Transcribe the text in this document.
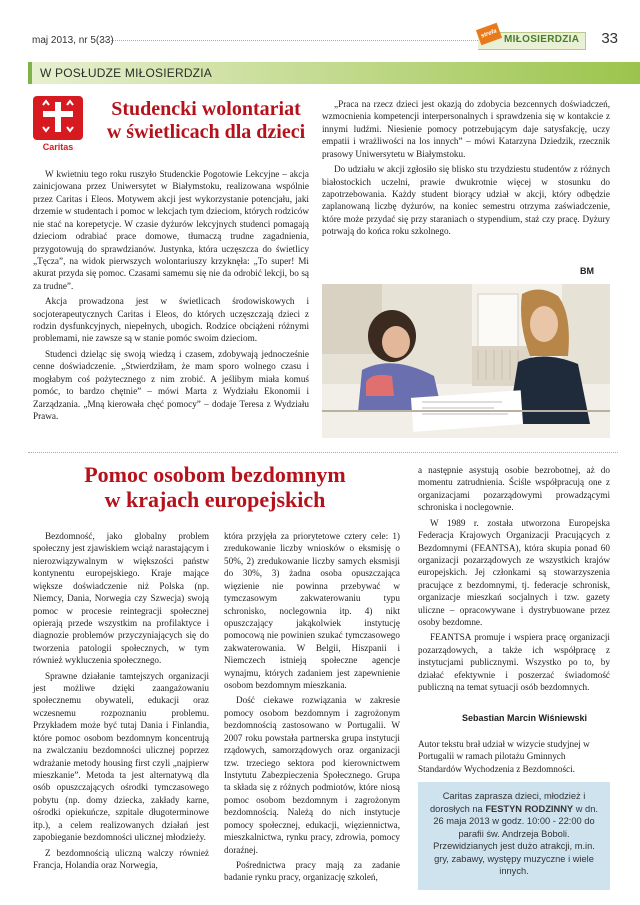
maj 2013, nr 5(33)
strefa MIŁOSIERDZIA 33
W POSŁUDZE MIŁOSIERDZIA
Caritas
Studencki wolontariat
w świetlicach dla dzieci

W kwietniu tego roku ruszyło Studenckie Pogotowie Lekcyjne – akcja zainicjowana przez Uniwersytet w Białymstoku, realizowana wspólnie przez Caritas i Eleos. Motywem akcji jest wykorzystanie potencjału, jaki drzemie w studentach i pomoc w lekcjach tym dzieciom, których rodziców nie stać na korepetycje. W czasie dyżurów lekcyjnych studenci pomagają dzieciom odrabiać prace domowe, tłumaczą trudne zagadnienia, przygotowują do sprawdzianów. Justynka, która uczęszcza do świetlicy „Tęcza”, na widok pierwszych wolontariuszy krzyknęła: „To super! Mi akurat przyda się pomoc. Czasami samemu się nie da odrobić lekcji, bo są za trudne”.

Akcja prowadzona jest w świetlicach środowiskowych i socjoterapeutycznych Caritas i Eleos, do których uczęszczają dzieci z rodzin dysfunkcyjnych, niepełnych, ubogich. Rodzice obciążeni różnymi problemami, nie zawsze są w stanie pomóc swoim dzieciom.

Studenci dzieląc się swoją wiedzą i czasem, zdobywają jednocześnie cenne doświadczenie. „Stwierdziłam, że mam sporo wolnego czasu i mogłabym coś pożytecznego z nim zrobić. A jeślibym miała komuś pomóc, to bardzo chętnie” – mówi Marta z Wydziału Ekonomii i Zarządzania. „Mną kierowała chęć pomocy” – dodaje Teresa z Wydziału Prawa.

„Praca na rzecz dzieci jest okazją do zdobycia bezcennych doświadczeń, wzmocnienia kompetencji interpersonalnych i sprawdzenia się w kontakcie z innymi ludźmi. Niesienie pomocy potrzebującym daje satysfakcję, uczy empatii i wrażliwości na los innych” – mówi Katarzyna Dziedzik, rzecznik prasowy Uniwersytetu w Białymstoku.

Do udziału w akcji zgłosiło się blisko stu trzydziestu studentów z różnych białostockich uczelni, prawie dwukrotnie więcej w stosunku do zapotrzebowania. Każdy student biorący udział w akcji, który odbędzie zaplanowaną liczbę dyżurów, na koniec semestru otrzyma zaświadczenie, które może przydać się przy staraniach o stypendium, staż czy pracę. Dyżury potrwają do końca roku szkolnego.

BM
Pomoc osobom bezdomnym
w krajach europejskich

Bezdomność, jako globalny problem społeczny jest zjawiskiem wciąż narastającym i nierozwiązywalnym w większości państw kontynentu europejskiego. Kraje mające większe doświadczenie niż Polska (np. Niemcy, Dania, Norwegia czy Szwecja) swoją pomoc w procesie reintegracji społecznej opierają przede wszystkim na profilaktyce i diagnozie problemów przyczyniających się do tworzenia patologii społecznych, w tym również wykluczenia społecznego.

Sprawne działanie tamtejszych organizacji jest możliwe dzięki zaangażowaniu społecznemu obywateli, edukacji oraz wczesnemu rozpoznaniu problemu. Przykładem może być tutaj Dania i Finlandia, które pomoc osobom bezdomnym koncentrują na zwalczaniu bezdomności ulicznej poprzez wdrażanie metody housing first czyli „najpierw mieszkanie”. Metoda ta jest alternatywą dla osób opuszczających ośrodki tymczasowego pobytu (np. domy dziecka, zakłady karne, ośrodki opiekuńcze, szpitale długoterminowe itp.), a celem realizowanych działań jest zapobieganie bezdomności ulicznej młodzieży.

Z bezdomnością uliczną walczy również Francja, Holandia oraz Norwegia,

która przyjęła za priorytetowe cztery cele: 1) zredukowanie liczby wniosków o eksmisję o 50%, 2) zredukowanie liczby samych eksmisji do 30%, 3) żadna osoba opuszczająca więzienie nie powinna przebywać w tymczasowym zakwaterowaniu typu schronisko, noclegownia itp. 4) nikt opuszczający jakąkolwiek instytucję pomocową nie powinien szukać tymczasowego zakwaterowania. W Belgii, Hiszpanii i Niemczech istnieją społeczne agencje wynajmu, których zadaniem jest zapewnienie osobom bezdomnym mieszkania.

Dość ciekawe rozwiązania w zakresie pomocy osobom bezdomnym i zagrożonym bezdomnością zastosowano w Portugalii. W 2007 roku powstała partnerska grupa instytucji rządowych, samorządowych oraz organizacji tzw. trzeciego sektora pod kierownictwem Instytutu Zabezpieczenia Społecznego. Grupa ta składa się z różnych podmiotów, które niosą pomoc osobom bezdomnym i zagrożonym bezdomnością. Należą do nich instytucje pomocy społecznej, edukacji, więziennictwa, mieszkalnictwa, rynku pracy, zdrowia, pomocy doraźnej.

Pośrednictwa pracy mają za zadanie badanie rynku pracy, organizację szkoleń,

a następnie asystują osobie bezrobotnej, aż do momentu zatrudnienia. Ściśle współpracują one z organizacjami pozarządowymi prowadzącymi schroniska i noclegownie.

W 1989 r. została utworzona Europejska Federacja Krajowych Organizacji Pracujących z Bezdomnymi (FEANTSA), która skupia ponad 60 organizacji pozarządowych ze wszystkich krajów europejskich. Jej członkami są stowarzyszenia pracujące z bezdomnymi, tj. federacje schronisk, organizacje mieszkań socjalnych i tzw. gazety uliczne – opracowywane i dystrybuowane przez osoby bezdomne.

FEANTSA promuje i wspiera pracę organizacji pozarządowych, a także ich współpracę z instytucjami publicznymi. Wszystko po to, by działać efektywnie i poszerzać świadomość publiczną na temat sytuacji osób bezdomnych.

Sebastian Marcin Wiśniewski

Autor tekstu brał udział w wizycie studyjnej w Portugalii w ramach pilotażu Gminnych Standardów Wychodzenia z Bezdomności.

Caritas zaprasza dzieci, młodzież i dorosłych na FESTYN RODZINNY w dn. 26 maja 2013 w godz. 10:00 - 22:00 do parafii św. Andrzeja Boboli. Przewidzianych jest dużo atrakcji, m.in. gry, zabawy, występy muzyczne i wiele innych.
